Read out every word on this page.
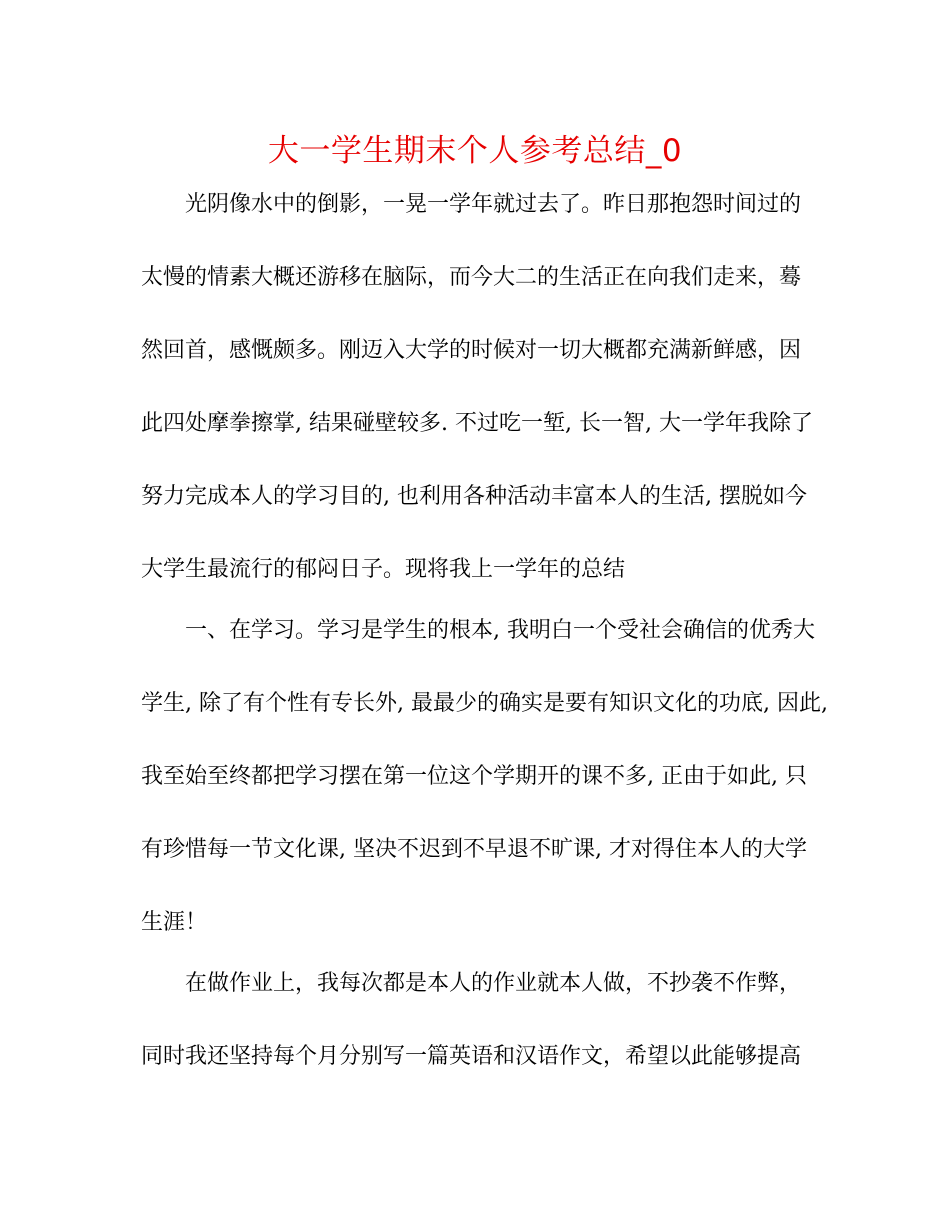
大一学生期末个人参考总结_0

光阴像水中的倒影，一晃一学年就过去了。昨日那抱怨时间过的

太慢的情素大概还游移在脑际，而今大二的生活正在向我们走来，蓦

然回首，感慨颇多。刚迈入大学的时候对一切大概都充满新鲜感，因

此四处摩拳擦掌, 结果碰壁较多. 不过吃一堑, 长一智, 大一学年我除了

努力完成本人的学习目的, 也利用各种活动丰富本人的生活, 摆脱如今

大学生最流行的郁闷日子。现将我上一学年的总结

一、在学习。学习是学生的根本, 我明白一个受社会确信的优秀大

学生, 除了有个性有专长外, 最最少的确实是要有知识文化的功底, 因此,

我至始至终都把学习摆在第一位这个学期开的课不多, 正由于如此, 只

有珍惜每一节文化课, 坚决不迟到不早退不旷课, 才对得住本人的大学

生涯！

在做作业上，我每次都是本人的作业就本人做，不抄袭不作弊，

同时我还坚持每个月分别写一篇英语和汉语作文，希望以此能够提高
